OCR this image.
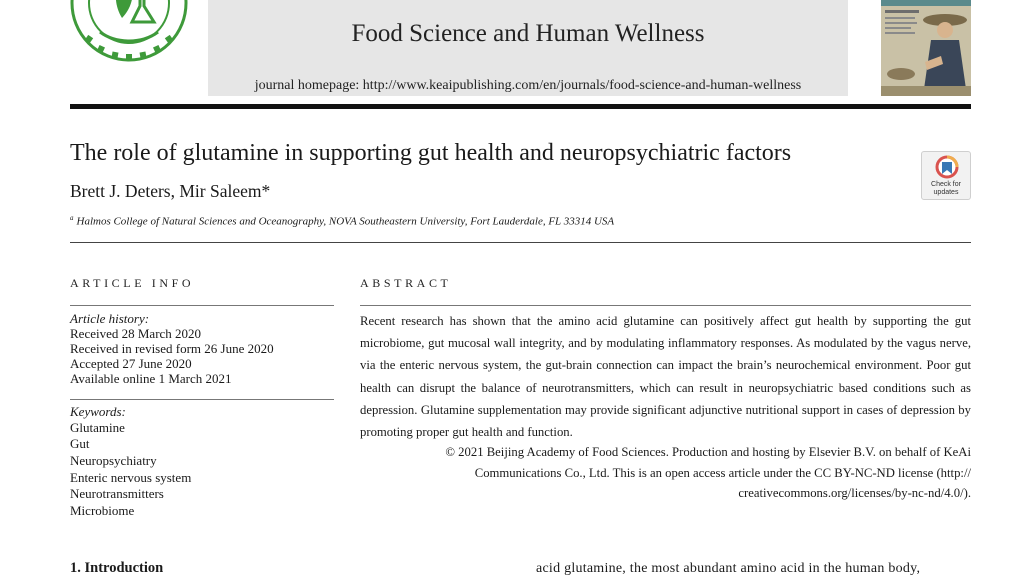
Food Science and Human Wellness
journal homepage: http://www.keaipublishing.com/en/journals/food-science-and-human-wellness
The role of glutamine in supporting gut health and neuropsychiatric factors
Brett J. Deters, Mir Saleem*
$^a$ Halmos College of Natural Sciences and Oceanography, NOVA Southeastern University, Fort Lauderdale, FL 33314 USA
Check for
updates
ARTICLE INFO
Article history:
Received 28 March 2020
Received in revised form 26 June 2020
Accepted 27 June 2020
Available online 1 March 2021
Keywords:
Glutamine
Gut
Neuropsychiatry
Enteric nervous system
Neurotransmitters
Microbiome
ABSTRACT
Recent research has shown that the amino acid glutamine can positively affect gut health by supporting the gut microbiome, gut mucosal wall integrity, and by modulating inflammatory responses. As modulated by the vagus nerve, via the enteric nervous system, the gut-brain connection can impact the brain’s neurochemical environment. Poor gut health can disrupt the balance of neurotransmitters, which can result in neuropsychiatric based conditions such as depression. Glutamine supplementation may provide significant adjunctive nutritional support in cases of depression by promoting proper gut health and function.
© 2021 Beijing Academy of Food Sciences. Production and hosting by Elsevier B.V. on behalf of KeAi
Communications Co., Ltd. This is an open access article under the CC BY-NC-ND license (http://
creativecommons.org/licenses/by-nc-nd/4.0/).
1. Introduction	acid glutamine, the most abundant amino acid in the human body,
